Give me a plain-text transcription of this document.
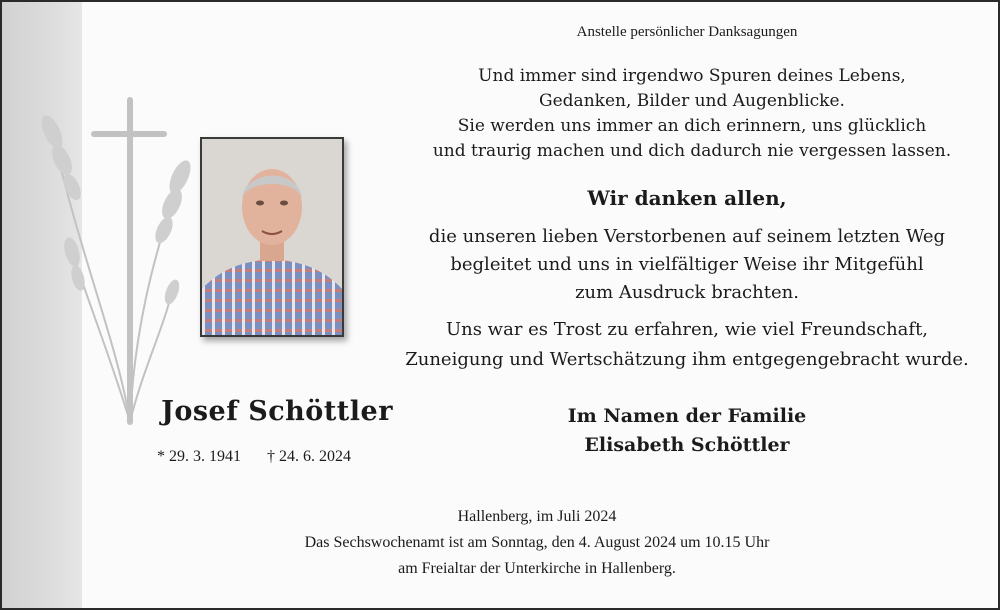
Anstelle persönlicher Danksagungen
Und immer sind irgendwo Spuren deines Lebens,
Gedanken, Bilder und Augenblicke.
Sie werden uns immer an dich erinnern, uns glücklich
und traurig machen und dich dadurch nie vergessen lassen.
Wir danken allen,
die unseren lieben Verstorbenen auf seinem letzten Weg
begleitet und uns in vielfältiger Weise ihr Mitgefühl
zum Ausdruck brachten.
Uns war es Trost zu erfahren, wie viel Freundschaft,
Zuneigung und Wertschätzung ihm entgegengebracht wurde.
Josef Schöttler
* 29. 3. 1941 † 24. 6. 2024
Im Namen der Familie
Elisabeth Schöttler
Hallenberg, im Juli 2024
Das Sechswochenamt ist am Sonntag, den 4. August 2024 um 10.15 Uhr
am Freialtar der Unterkirche in Hallenberg.
